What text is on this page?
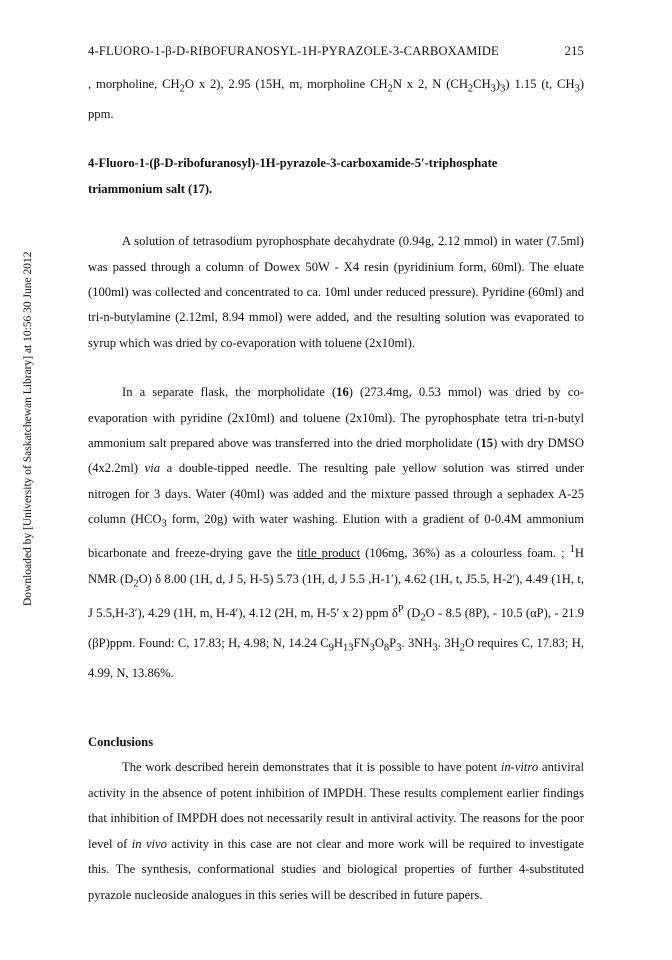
4-FLUORO-1-β-D-RIBOFURANOSYL-1H-PYRAZOLE-3-CARBOXAMIDE	215
Downloaded by [University of Saskatchewan Library] at 10:56 30 June 2012

, morpholine, $CH_2O$ x 2), 2.95 (15H, m, morpholine $CH_2N$ x 2, N $(CH_2CH_3)_3$) 1.15 (t, $CH_3$) ppm.

4-Fluoro-1-(β-D-ribofuranosyl)-1H-pyrazole-3-carboxamide-5′-triphosphate
triammonium salt (17).

A solution of tetrasodium pyrophosphate decahydrate (0.94g, 2.12 mmol) in water (7.5ml) was passed through a column of Dowex 50W - X4 resin (pyridinium form, 60ml). The eluate (100ml) was collected and concentrated to ca. 10ml under reduced pressure). Pyridine (60ml) and tri-n-butylamine (2.12ml, 8.94 mmol) were added, and the resulting solution was evaporated to syrup which was dried by co-evaporation with toluene (2x10ml).

In a separate flask, the morpholidate (16) (273.4mg, 0.53 mmol) was dried by co-evaporation with pyridine (2x10ml) and toluene (2x10ml). The pyrophosphate tetra tri-n-butyl ammonium salt prepared above was transferred into the dried morpholidate (15) with dry DMSO (4x2.2ml) via a double-tipped needle. The resulting pale yellow solution was stirred under nitrogen for 3 days. Water (40ml) was added and the mixture passed through a sephadex A-25 column ($HCO_3$ form, 20g) with water washing. Elution with a gradient of 0-0.4M ammonium bicarbonate and freeze-drying gave the title product (106mg, 36%) as a colourless foam. ; $^1$H NMR $(D_2O)$ δ 8.00 (1H, d, J 5, H-5) 5.73 (1H, d, J 5.5 ,H-1′), 4.62 (1H, t, J5.5, H-2′), 4.49 (1H, t, J 5.5,H-3′), 4.29 (1H, m, H-4′), 4.12 (2H, m, H-5′ x 2) ppm $\delta^P$ ($D_2O - 8.5$ (8P), - 10.5 (αP), - 21.9 (βP)ppm. Found: C, 17.83; H, 4.98; N, 14.24 $C_9H_{13}FN_3O_8P_3$. $3NH_3$. $3H_2O$ requires C, 17.83; H, 4.99, N, 13.86%.

Conclusions

The work described herein demonstrates that it is possible to have potent in-vitro antiviral activity in the absence of potent inhibition of IMPDH. These results complement earlier findings that inhibition of IMPDH does not necessarily result in antiviral activity. The reasons for the poor level of in vivo activity in this case are not clear and more work will be required to investigate this. The synthesis, conformational studies and biological properties of further 4-substituted pyrazole nucleoside analogues in this series will be described in future papers.
